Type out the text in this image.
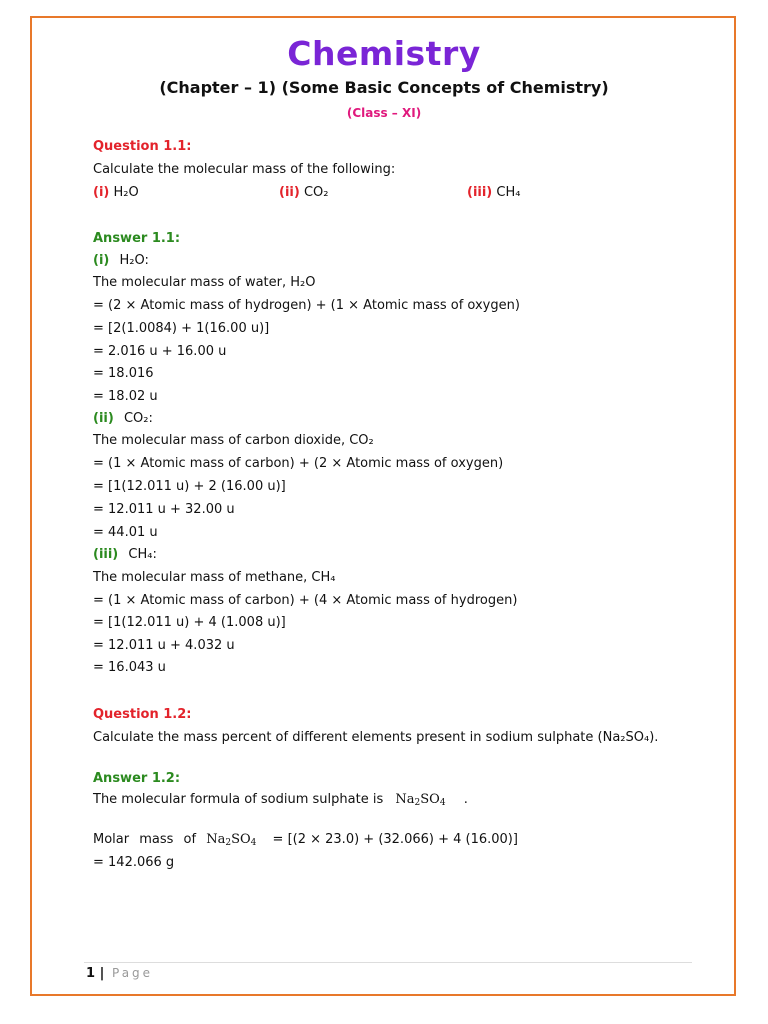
Chemistry
(Chapter – 1) (Some Basic Concepts of Chemistry)
(Class – XI)
Question 1.1:
Calculate the molecular mass of the following:
(i) H₂O	(ii) CO₂	(iii) CH₄
Answer 1.1:
(i) H₂O:
The molecular mass of water, H₂O
= (2 × Atomic mass of hydrogen) + (1 × Atomic mass of oxygen)
= [2(1.0084) + 1(16.00 u)]
= 2.016 u + 16.00 u
= 18.016
= 18.02 u
(ii) CO₂:
The molecular mass of carbon dioxide, CO₂
= (1 × Atomic mass of carbon) + (2 × Atomic mass of oxygen)
= [1(12.011 u) + 2 (16.00 u)]
= 12.011 u + 32.00 u
= 44.01 u
(iii) CH₄:
The molecular mass of methane, CH₄
= (1 × Atomic mass of carbon) + (4 × Atomic mass of hydrogen)
= [1(12.011 u) + 4 (1.008 u)]
= 12.011 u + 4.032 u
= 16.043 u
Question 1.2:
Calculate the mass percent of different elements present in sodium sulphate (Na₂SO₄).
Answer 1.2:
The molecular formula of sodium sulphate is $Na_2SO_4$ .
Molar mass of $Na_2SO_4 = [(2 \times 23.0) + (32.066) + 4$ (16.00)]
= 142.066 g
1 | Page
